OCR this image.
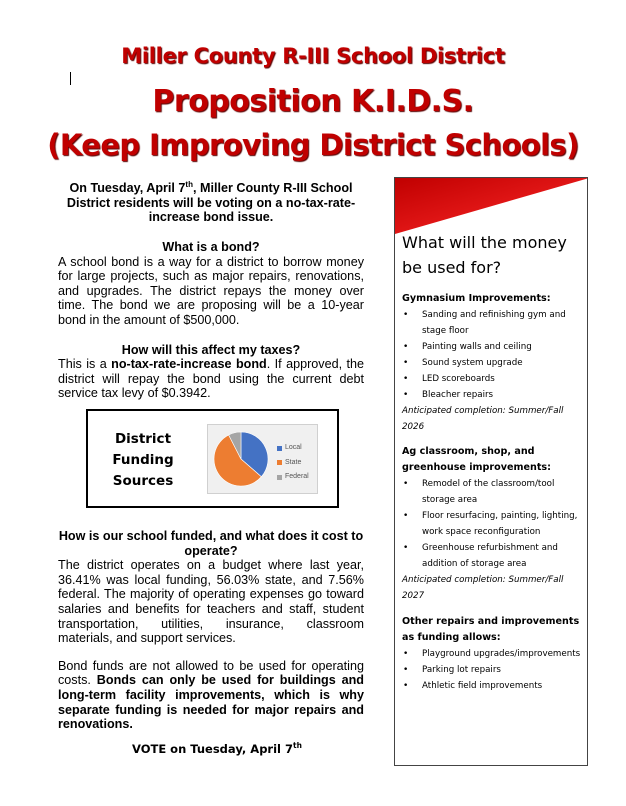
Miller County R-III School District
Proposition K.I.D.S.
(Keep Improving District Schools)
On Tuesday, April 7th, Miller County R-III School District residents will be voting on a no-tax-rate-increase bond issue.
What is a bond?
A school bond is a way for a district to borrow money for large projects, such as major repairs, renovations, and upgrades. The district repays the money over time. The bond we are proposing will be a 10-year bond in the amount of $500,000.
How will this affect my taxes?
This is a no-tax-rate-increase bond. If approved, the district will repay the bond using the current debt service tax levy of $0.3942.
District
Funding
Sources
Local
State
Federal
How is our school funded, and what does it cost to operate?
The district operates on a budget where last year, 36.41% was local funding, 56.03% state, and 7.56% federal. The majority of operating expenses go toward salaries and benefits for teachers and staff, student transportation, utilities, insurance, classroom materials, and support services.
Bond funds are not allowed to be used for operating costs. Bonds can only be used for buildings and long-term facility improvements, which is why separate funding is needed for major repairs and renovations.
VOTE on Tuesday, April 7th
What will the money be used for?
Gymnasium Improvements:
• Sanding and refinishing gym and stage floor
• Painting walls and ceiling
• Sound system upgrade
• LED scoreboards
• Bleacher repairs
Anticipated completion: Summer/Fall 2026
Ag classroom, shop, and greenhouse improvements:
• Remodel of the classroom/tool storage area
• Floor resurfacing, painting, lighting, work space reconfiguration
• Greenhouse refurbishment and addition of storage area
Anticipated completion: Summer/Fall 2027
Other repairs and improvements as funding allows:
• Playground upgrades/improvements
• Parking lot repairs
• Athletic field improvements
